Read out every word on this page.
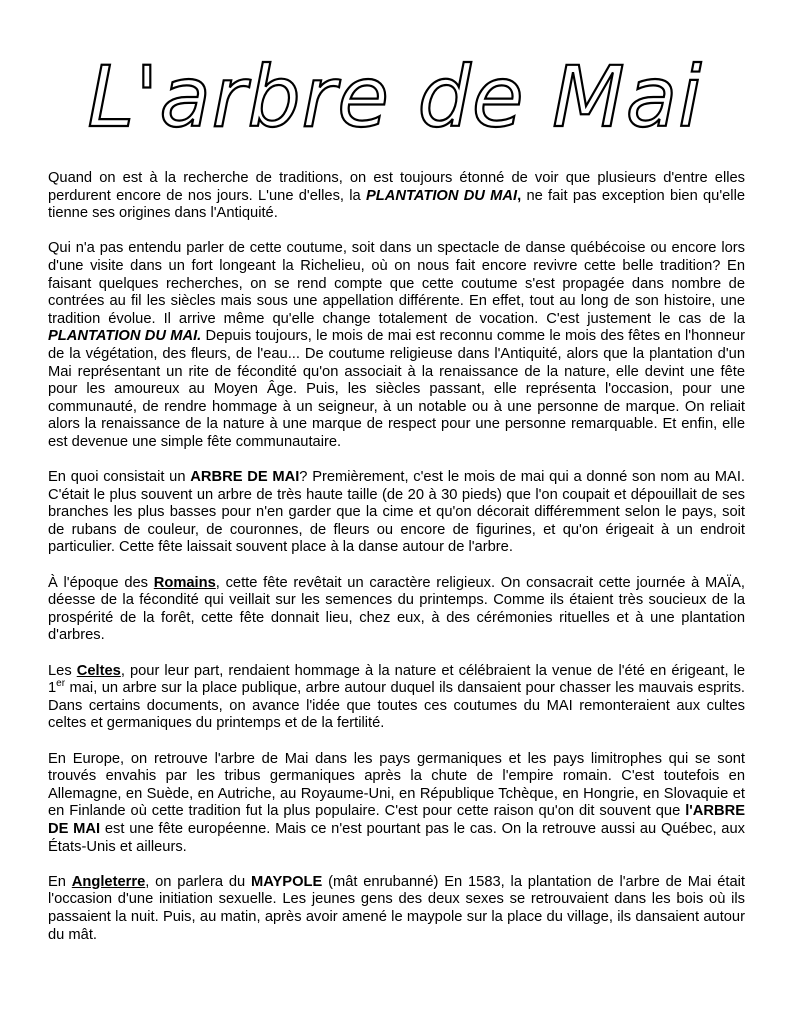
L'arbre de Mai

Quand on est à la recherche de traditions, on est toujours étonné de voir que plusieurs d'entre elles perdurent encore de nos jours. L'une d'elles, la PLANTATION DU MAI, ne fait pas exception bien qu'elle tienne ses origines dans l'Antiquité.

Qui n'a pas entendu parler de cette coutume, soit dans un spectacle de danse québécoise ou encore lors d'une visite dans un fort longeant la Richelieu, où on nous fait encore revivre cette belle tradition? En faisant quelques recherches, on se rend compte que cette coutume s'est propagée dans nombre de contrées au fil les siècles mais sous une appellation différente. En effet, tout au long de son histoire, une tradition évolue. Il arrive même qu'elle change totalement de vocation. C'est justement le cas de la PLANTATION DU MAI. Depuis toujours, le mois de mai est reconnu comme le mois des fêtes en l'honneur de la végétation, des fleurs, de l'eau... De coutume religieuse dans l'Antiquité, alors que la plantation d'un Mai représentant un rite de fécondité qu'on associait à la renaissance de la nature, elle devint une fête pour les amoureux au Moyen Âge. Puis, les siècles passant, elle représenta l'occasion, pour une communauté, de rendre hommage à un seigneur, à un notable ou à une personne de marque. On reliait alors la renaissance de la nature à une marque de respect pour une personne remarquable. Et enfin, elle est devenue une simple fête communautaire.

En quoi consistait un ARBRE DE MAI? Premièrement, c'est le mois de mai qui a donné son nom au MAI. C'était le plus souvent un arbre de très haute taille (de 20 à 30 pieds) que l'on coupait et dépouillait de ses branches les plus basses pour n'en garder que la cime et qu'on décorait différemment selon le pays, soit de rubans de couleur, de couronnes, de fleurs ou encore de figurines, et qu'on érigeait à un endroit particulier. Cette fête laissait souvent place à la danse autour de l'arbre.

À l'époque des Romains, cette fête revêtait un caractère religieux. On consacrait cette journée à MAÏA, déesse de la fécondité qui veillait sur les semences du printemps. Comme ils étaient très soucieux de la prospérité de la forêt, cette fête donnait lieu, chez eux, à des cérémonies rituelles et à une plantation d'arbres.

Les Celtes, pour leur part, rendaient hommage à la nature et célébraient la venue de l'été en érigeant, le 1er mai, un arbre sur la place publique, arbre autour duquel ils dansaient pour chasser les mauvais esprits. Dans certains documents, on avance l'idée que toutes ces coutumes du MAI remonteraient aux cultes celtes et germaniques du printemps et de la fertilité.

En Europe, on retrouve l'arbre de Mai dans les pays germaniques et les pays limitrophes qui se sont trouvés envahis par les tribus germaniques après la chute de l'empire romain. C'est toutefois en Allemagne, en Suède, en Autriche, au Royaume-Uni, en République Tchèque, en Hongrie, en Slovaquie et en Finlande où cette tradition fut la plus populaire. C'est pour cette raison qu'on dit souvent que l'ARBRE DE MAI est une fête européenne. Mais ce n'est pourtant pas le cas. On la retrouve aussi au Québec, aux États-Unis et ailleurs.

En Angleterre, on parlera du MAYPOLE (mât enrubanné) En 1583, la plantation de l'arbre de Mai était l'occasion d'une initiation sexuelle. Les jeunes gens des deux sexes se retrouvaient dans les bois où ils passaient la nuit. Puis, au matin, après avoir amené le maypole sur la place du village, ils dansaient autour du mât.
